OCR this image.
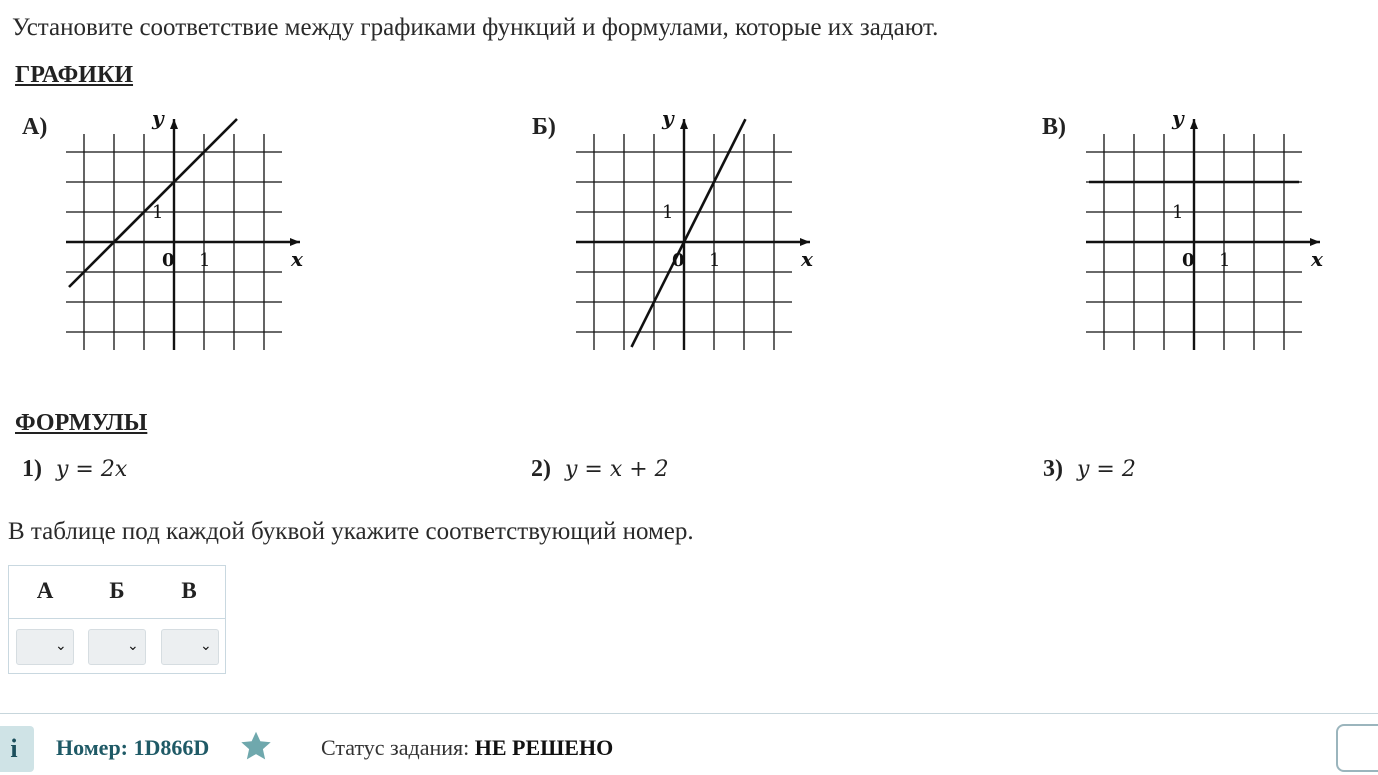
Установите соответствие между графиками функций и формулами, которые их задают.
ГРАФИКИ
0 1
1
x
y
А)
0 1
1
x
y
Б)
0 1
1
x
y
В)
ФОРМУЛЫ
1) y = 2x	2) y = x + 2	3) y = 2
В таблице под каждой буквой укажите соответствующий номер.
А	Б	В
⌄	⌄	⌄
i	Номер: 1D866D	Статус задания: НЕ РЕШЕНО
